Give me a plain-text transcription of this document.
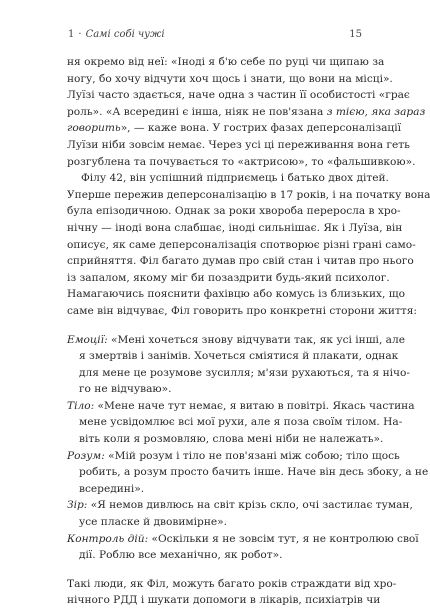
1 · Самі собі чужі	15
ня окремо від неї: «Іноді я б'ю себе по руці чи щипаю за
ногу, бо хочу відчути хоч щось і знати, що вони на місці».
Луїзі часто здається, наче одна з частин її особистості «грає
роль». «А всередині є інша, ніяк не пов'язана з тією, яка зараз
говорить», — каже вона. У гострих фазах деперсоналізації
Луїзи ніби зовсім немає. Через усі ці переживання вона геть
розгублена та почувається то «актрисою», то «фальшивкою».
Філу 42, він успішний підприємець і батько двох дітей.
Уперше пережив деперсоналізацію в 17 років, і на початку вона
була епізодичною. Однак за роки хвороба переросла в хро-
нічну — іноді вона слабшає, іноді сильнішає. Як і Луїза, він
описує, як саме деперсоналізація спотворює різні грані само-
сприйняття. Філ багато думав про свій стан і читав про нього
із запалом, якому міг би позаздрити будь-який психолог.
Намагаючись пояснити фахівцю або комусь із близьких, що
саме він відчуває, Філ говорить про конкретні сторони життя:
Емоції: «Мені хочеться знову відчувати так, як усі інші, але
я змертвів і занімів. Хочеться сміятися й плакати, однак
для мене це розумове зусилля; м'язи рухаються, та я нічо-
го не відчуваю».
Тіло: «Мене наче тут немає, я витаю в повітрі. Якась частина
мене усвідомлює всі мої рухи, але я поза своїм тілом. На-
віть коли я розмовляю, слова мені ніби не належать».
Розум: «Мій розум і тіло не пов'язані між собою; тіло щось
робить, а розум просто бачить інше. Наче він десь збоку, а не
всередині».
Зір: «Я немов дивлюсь на світ крізь скло, очі застилає туман,
усе пласке й двовимірне».
Контроль дій: «Оскільки я не зовсім тут, я не контролюю свої
дії. Роблю все механічно, як робот».
Такі люди, як Філ, можуть багато років страждати від хро-
нічного РДД і шукати допомоги в лікарів, психіатрів чи
